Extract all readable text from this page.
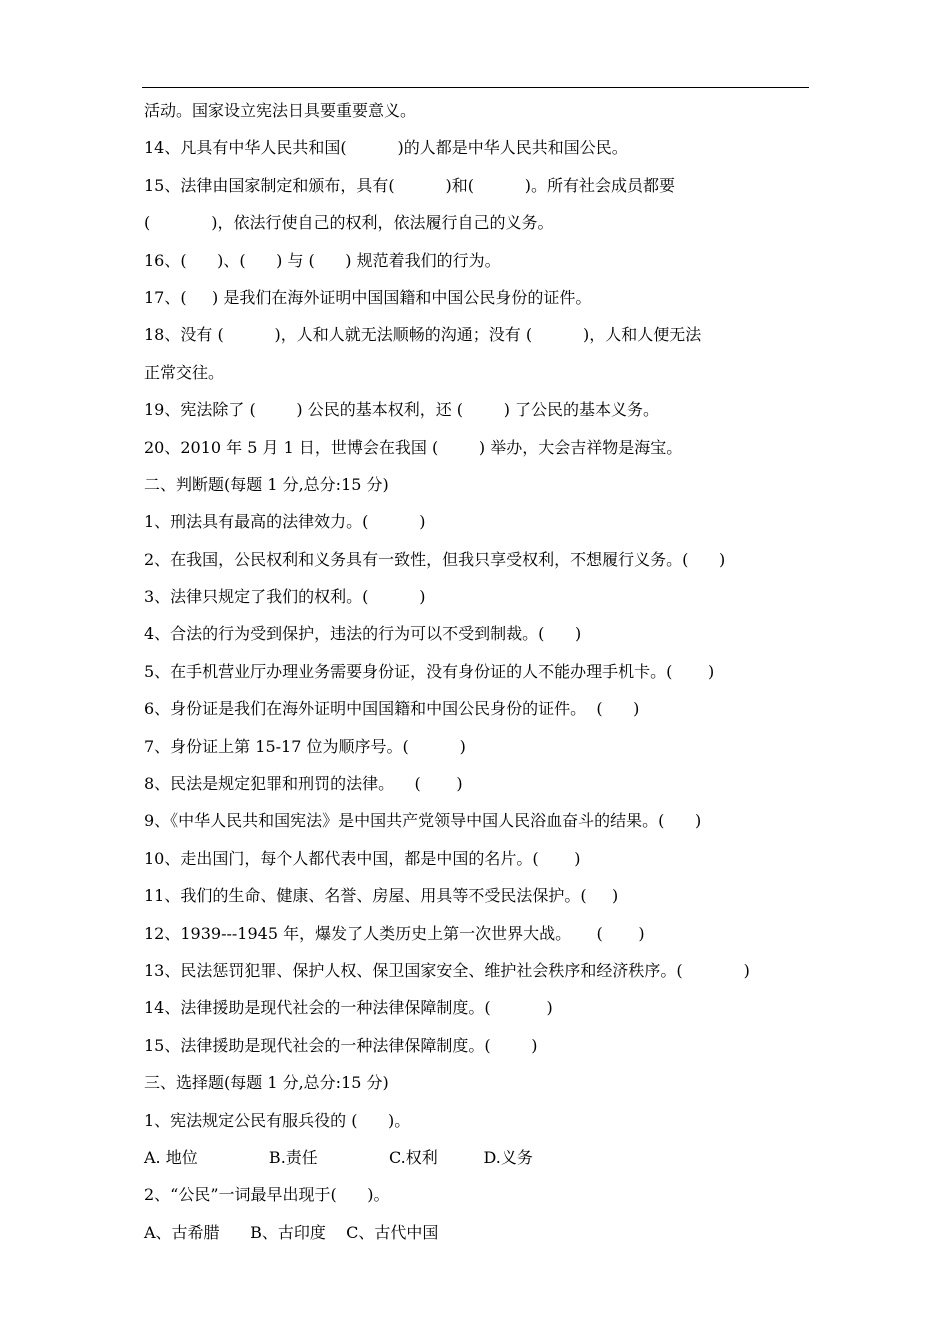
活动。国家设立宪法日具要重要意义。
14、凡具有中华人民共和国(          )的人都是中华人民共和国公民。
15、法律由国家制定和颁布，具有(          )和(          )。所有社会成员都要
(            )，依法行使自己的权利，依法履行自己的义务。
16、(      )、(      ) 与 (      ) 规范着我们的行为。
17、(     ) 是我们在海外证明中国国籍和中国公民身份的证件。
18、没有 (          )，人和人就无法顺畅的沟通；没有 (          )，人和人便无法
正常交往。
19、宪法除了 (        ) 公民的基本权利，还 (        ) 了公民的基本义务。
20、2010 年 5 月 1 日，世博会在我国 (        ) 举办，大会吉祥物是海宝。
二、判断题(每题 1 分,总分:15 分)
1、刑法具有最高的法律效力。(          )
2、在我国，公民权利和义务具有一致性，但我只享受权利，不想履行义务。(      )
3、法律只规定了我们的权利。(          )
4、合法的行为受到保护，违法的行为可以不受到制裁。(      )
5、在手机营业厅办理业务需要身份证，没有身份证的人不能办理手机卡。(       )
6、身份证是我们在海外证明中国国籍和中国公民身份的证件。  (      )
7、身份证上第 15-17 位为顺序号。(          )
8、民法是规定犯罪和刑罚的法律。    (       )
9、《中华人民共和国宪法》是中国共产党领导中国人民浴血奋斗的结果。(      )
10、走出国门，每个人都代表中国，都是中国的名片。(       )
11、我们的生命、健康、名誉、房屋、用具等不受民法保护。(     )
12、1939---1945 年，爆发了人类历史上第一次世界大战。     (       )
13、民法惩罚犯罪、保护人权、保卫国家安全、维护社会秩序和经济秩序。(            )
14、法律援助是现代社会的一种法律保障制度。(           )
15、法律援助是现代社会的一种法律保障制度。(        )
三、选择题(每题 1 分,总分:15 分)
1、宪法规定公民有服兵役的 (      )。
A. 地位              B.责任              C.权利         D.义务
2、“公民”一词最早出现于(      )。
A、古希腊      B、古印度    C、古代中国
